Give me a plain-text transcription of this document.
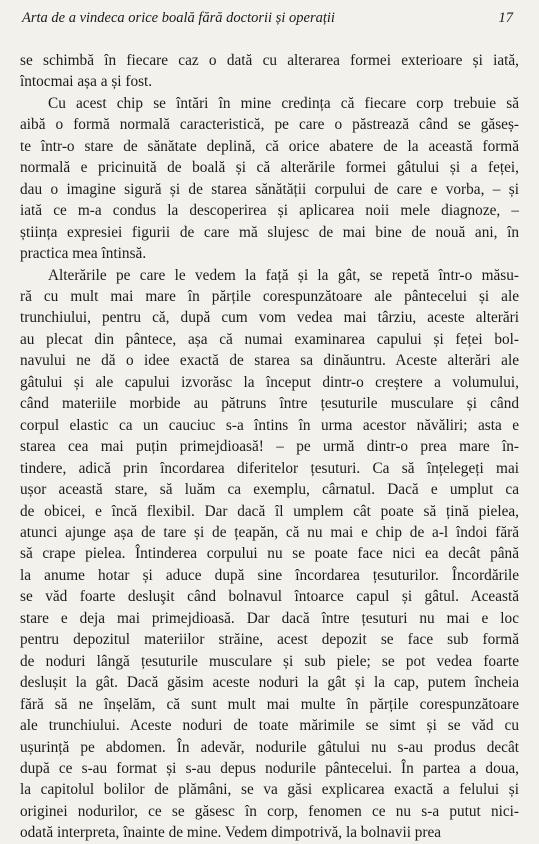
Arta de a vindeca orice boală fără doctorii și operații	17

se schimbă în fiecare caz o dată cu alterarea formei exterioare și iată,
întocmai așa a și fost.

Cu acest chip se întări în mine credința că fiecare corp trebuie să
aibă o formă normală caracteristică, pe care o păstrează când se găseș-
te într-o stare de sănătate deplină, că orice abatere de la această formă
normală e pricinuită de boală și că alterările formei gâtului și a feței,
dau o imagine sigură și de starea sănătății corpului de care e vorba, – și
iată ce m-a condus la descoperirea și aplicarea noii mele diagnoze, –
știința expresiei figurii de care mă slujesc de mai bine de nouă ani, în
practica mea întinsă.

Alterările pe care le vedem la față și la gât, se repetă într-o măsu-
ră cu mult mai mare în părțile corespunzătoare ale pântecelui și ale
trunchiului, pentru că, după cum vom vedea mai târziu, aceste alterări
au plecat din pântece, așa că numai examinarea capului și feței bol-
navului ne dă o idee exactă de starea sa dinăuntru. Aceste alterări ale
gâtului și ale capului izvorăsc la început dintr-o creștere a volumului,
când materiile morbide au pătruns între țesuturile musculare și când
corpul elastic ca un cauciuc s-a întins în urma acestor năvăliri; asta e
starea cea mai puțin primejdioasă! – pe urmă dintr-o prea mare în-
tindere, adică prin încordarea diferitelor țesuturi. Ca să înțelegeți mai
ușor această stare, să luăm ca exemplu, cârnatul. Dacă e umplut ca
de obicei, e încă flexibil. Dar dacă îl umplem cât poate să țină pielea,
atunci ajunge așa de tare și de țeapăn, că nu mai e chip de a-l îndoi fără
să crape pielea. Întinderea corpului nu se poate face nici ea decât până
la anume hotar și aduce după sine încordarea țesuturilor. Încordările
se văd foarte desluşit când bolnavul întoarce capul și gâtul. Această
stare e deja mai primejdioasă. Dar dacă între țesuturi nu mai e loc
pentru depozitul materiilor străine, acest depozit se face sub formă
de noduri lângă țesuturile musculare și sub piele; se pot vedea foarte
deslușit la gât. Dacă găsim aceste noduri la gât și la cap, putem încheia
fără să ne înșelăm, că sunt mult mai multe în părțile corespunzătoare
ale trunchiului. Aceste noduri de toate mărimile se simt și se văd cu
ușurință pe abdomen. În adevăr, nodurile gâtului nu s-au produs decât
după ce s-au format și s-au depus nodurile pântecelui. În partea a doua,
la capitolul bolilor de plămâni, se va găsi explicarea exactă a felului și
originei nodurilor, ce se găsesc în corp, fenomen ce nu s-a putut nici-
odată interpreta, înainte de mine. Vedem dimpotrivă, la bolnavii prea
